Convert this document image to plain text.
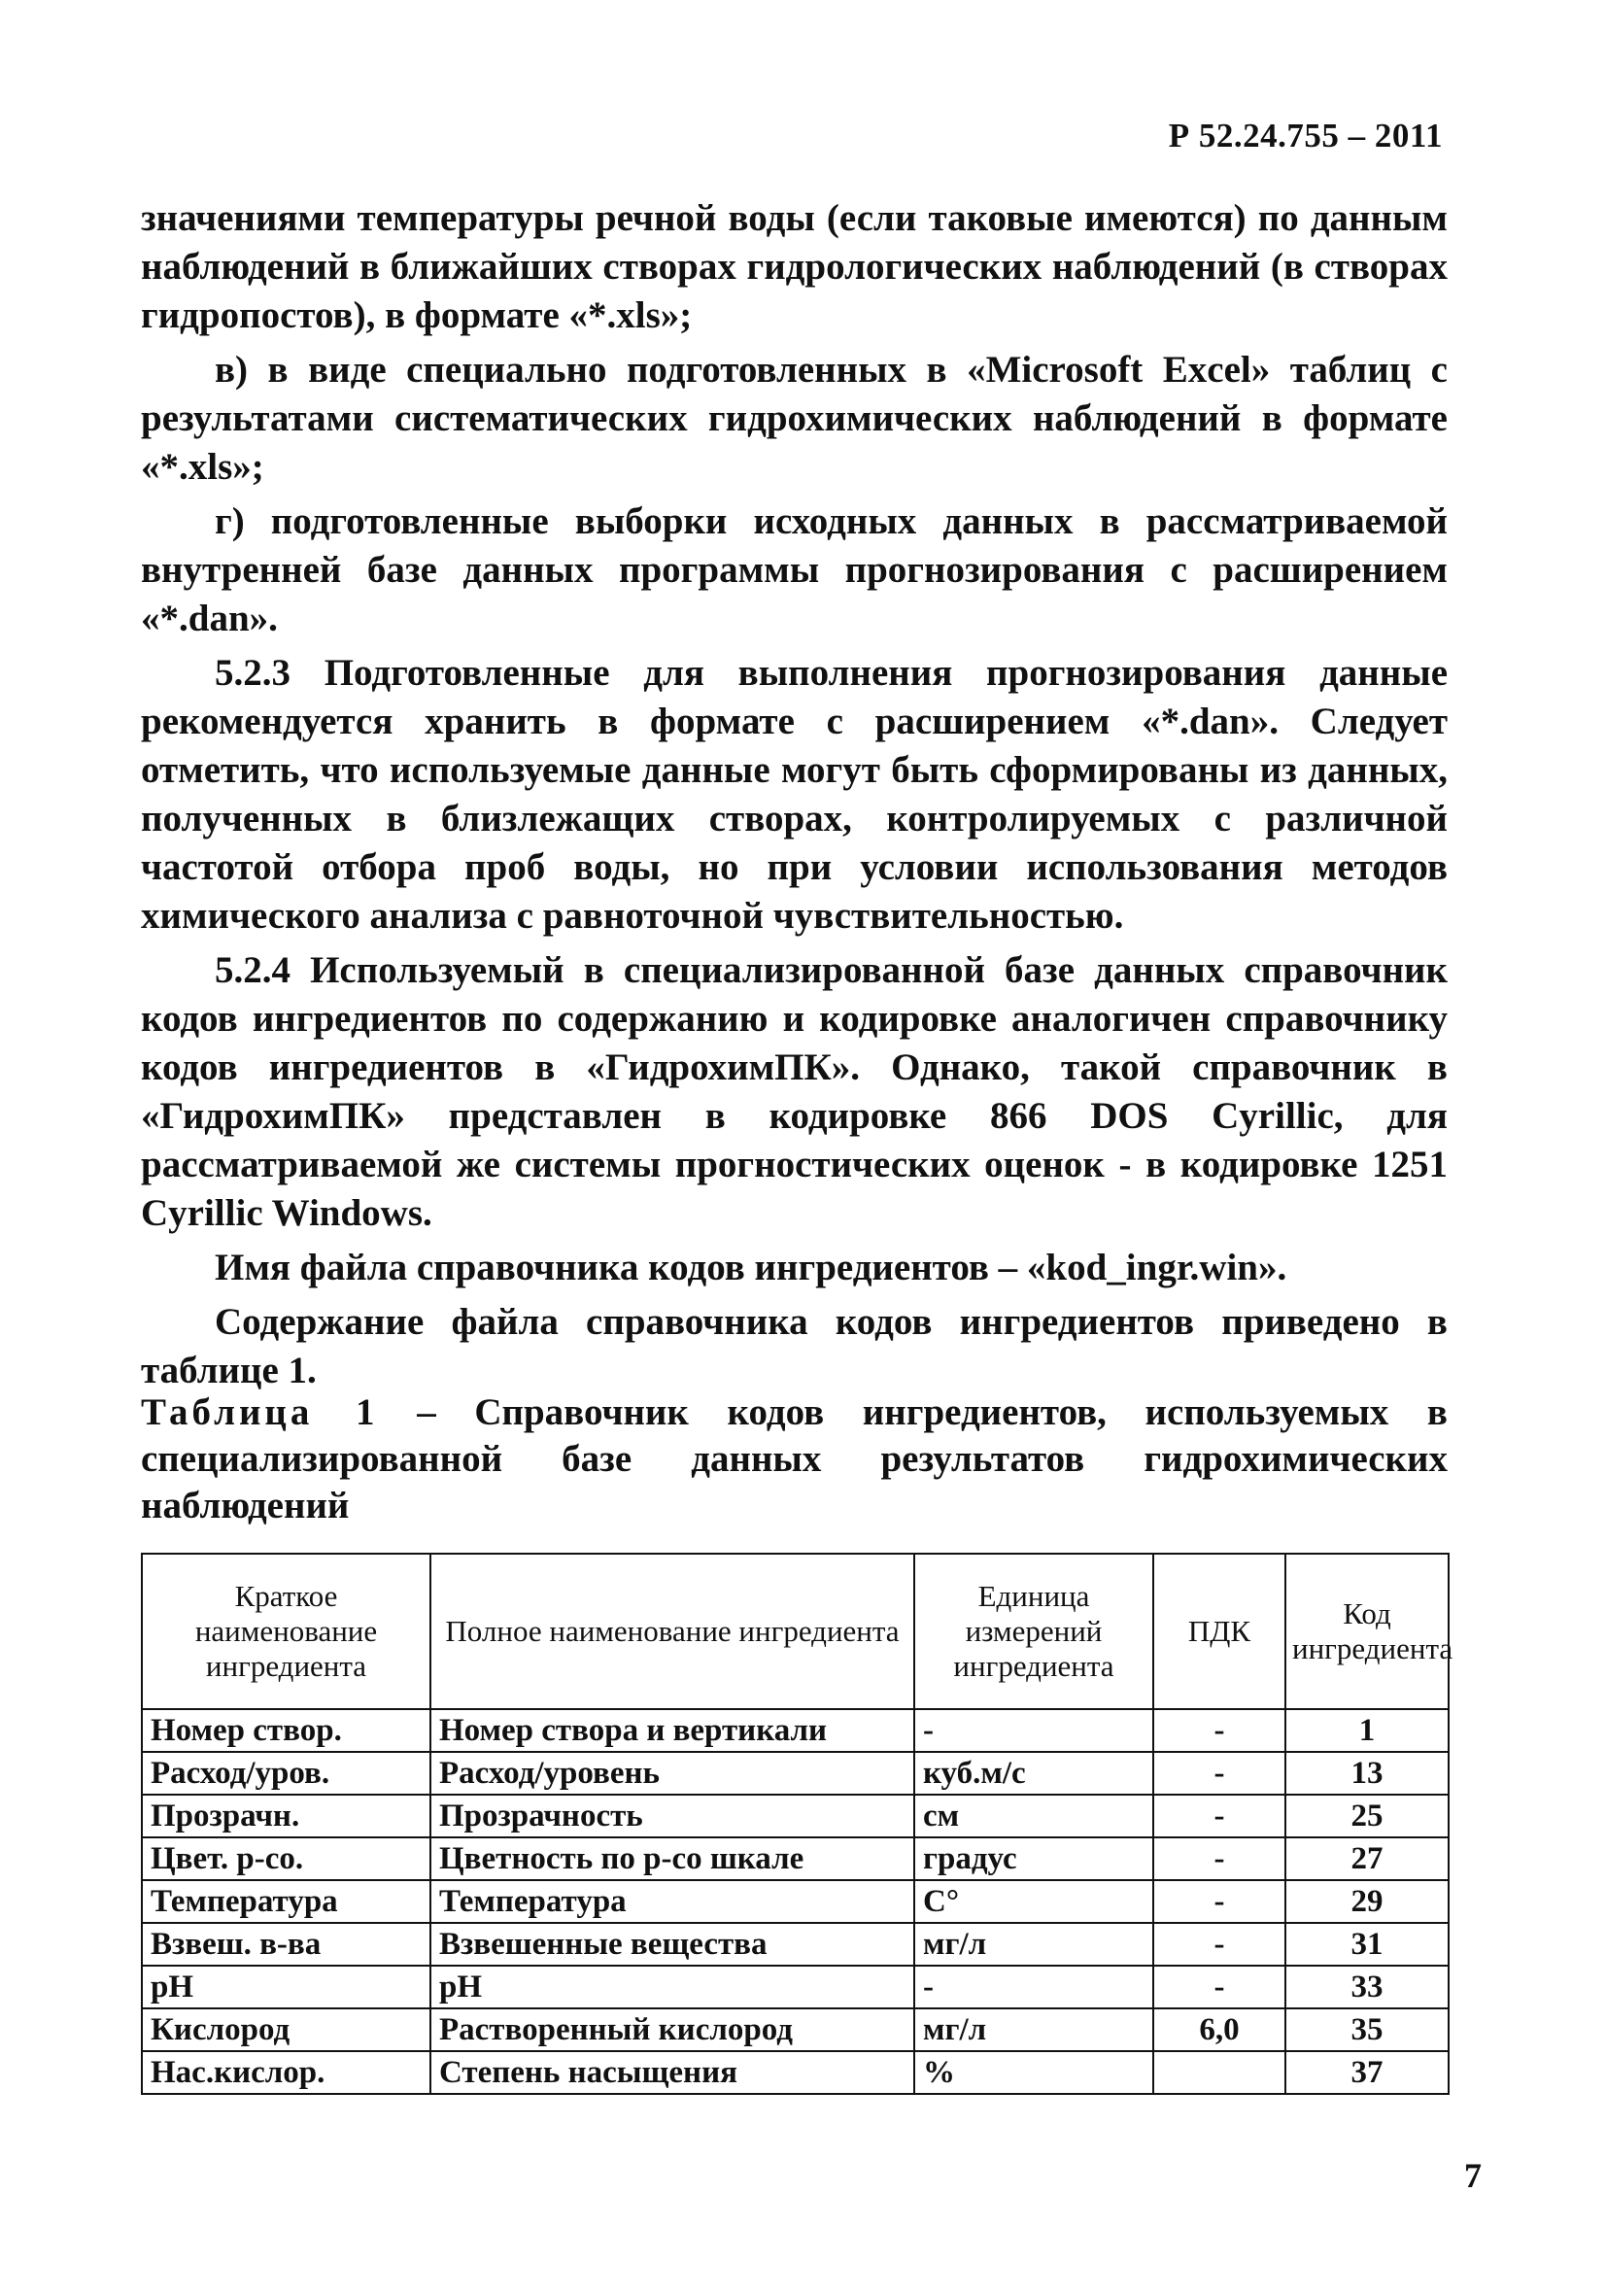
Р 52.24.755 – 2011

значениями температуры речной воды (если таковые имеются) по данным наблюдений в ближайших створах гидрологических наблюдений (в створах гидропостов), в формате «*.xls»;

в) в виде специально подготовленных в «Microsoft Excel» таблиц с результатами систематических гидрохимических наблюдений в формате «*.xls»;

г) подготовленные выборки исходных данных в рассматриваемой внутренней базе данных программы прогнозирования с расширением «*.dan».

5.2.3 Подготовленные для выполнения прогнозирования данные рекомендуется хранить в формате с расширением «*.dan». Следует отметить, что используемые данные могут быть сформированы из данных, полученных в близлежащих створах, контролируемых с различной частотой отбора проб воды, но при условии использования методов химического анализа с равноточной чувствительностью.

5.2.4 Используемый в специализированной базе данных справочник кодов ингредиентов по содержанию и кодировке аналогичен справочнику кодов ингредиентов в «ГидрохимПК». Однако, такой справочник в «ГидрохимПК» представлен в кодировке 866 DOS Cyrillic, для рассматриваемой же системы прогностических оценок - в кодировке 1251 Cyrillic Windows.

Имя файла справочника кодов ингредиентов – «kod_ingr.win».

Содержание файла справочника кодов ингредиентов приведено в таблице 1.

Таблица 1 – Справочник кодов ингредиентов, используемых в специализированной базе данных результатов гидрохимических наблюдений
Краткое наименование ингредиента	Полное наименование ингредиента	Единица измерений ингредиента	ПДК	Код ингредиента
Номер створ.	Номер створа и вертикали	-	-	1
Расход/уров.	Расход/уровень	куб.м/с	-	13
Прозрачн.	Прозрачность	см	-	25
Цвет. р-со.	Цветность по р-со шкале	градус	-	27
Температура	Температура	С°	-	29
Взвеш. в-ва	Взвешенные вещества	мг/л	-	31
pH	pH	-	-	33
Кислород	Растворенный кислород	мг/л	6,0	35
Нас.кислор.	Степень насыщения	%		37
7
